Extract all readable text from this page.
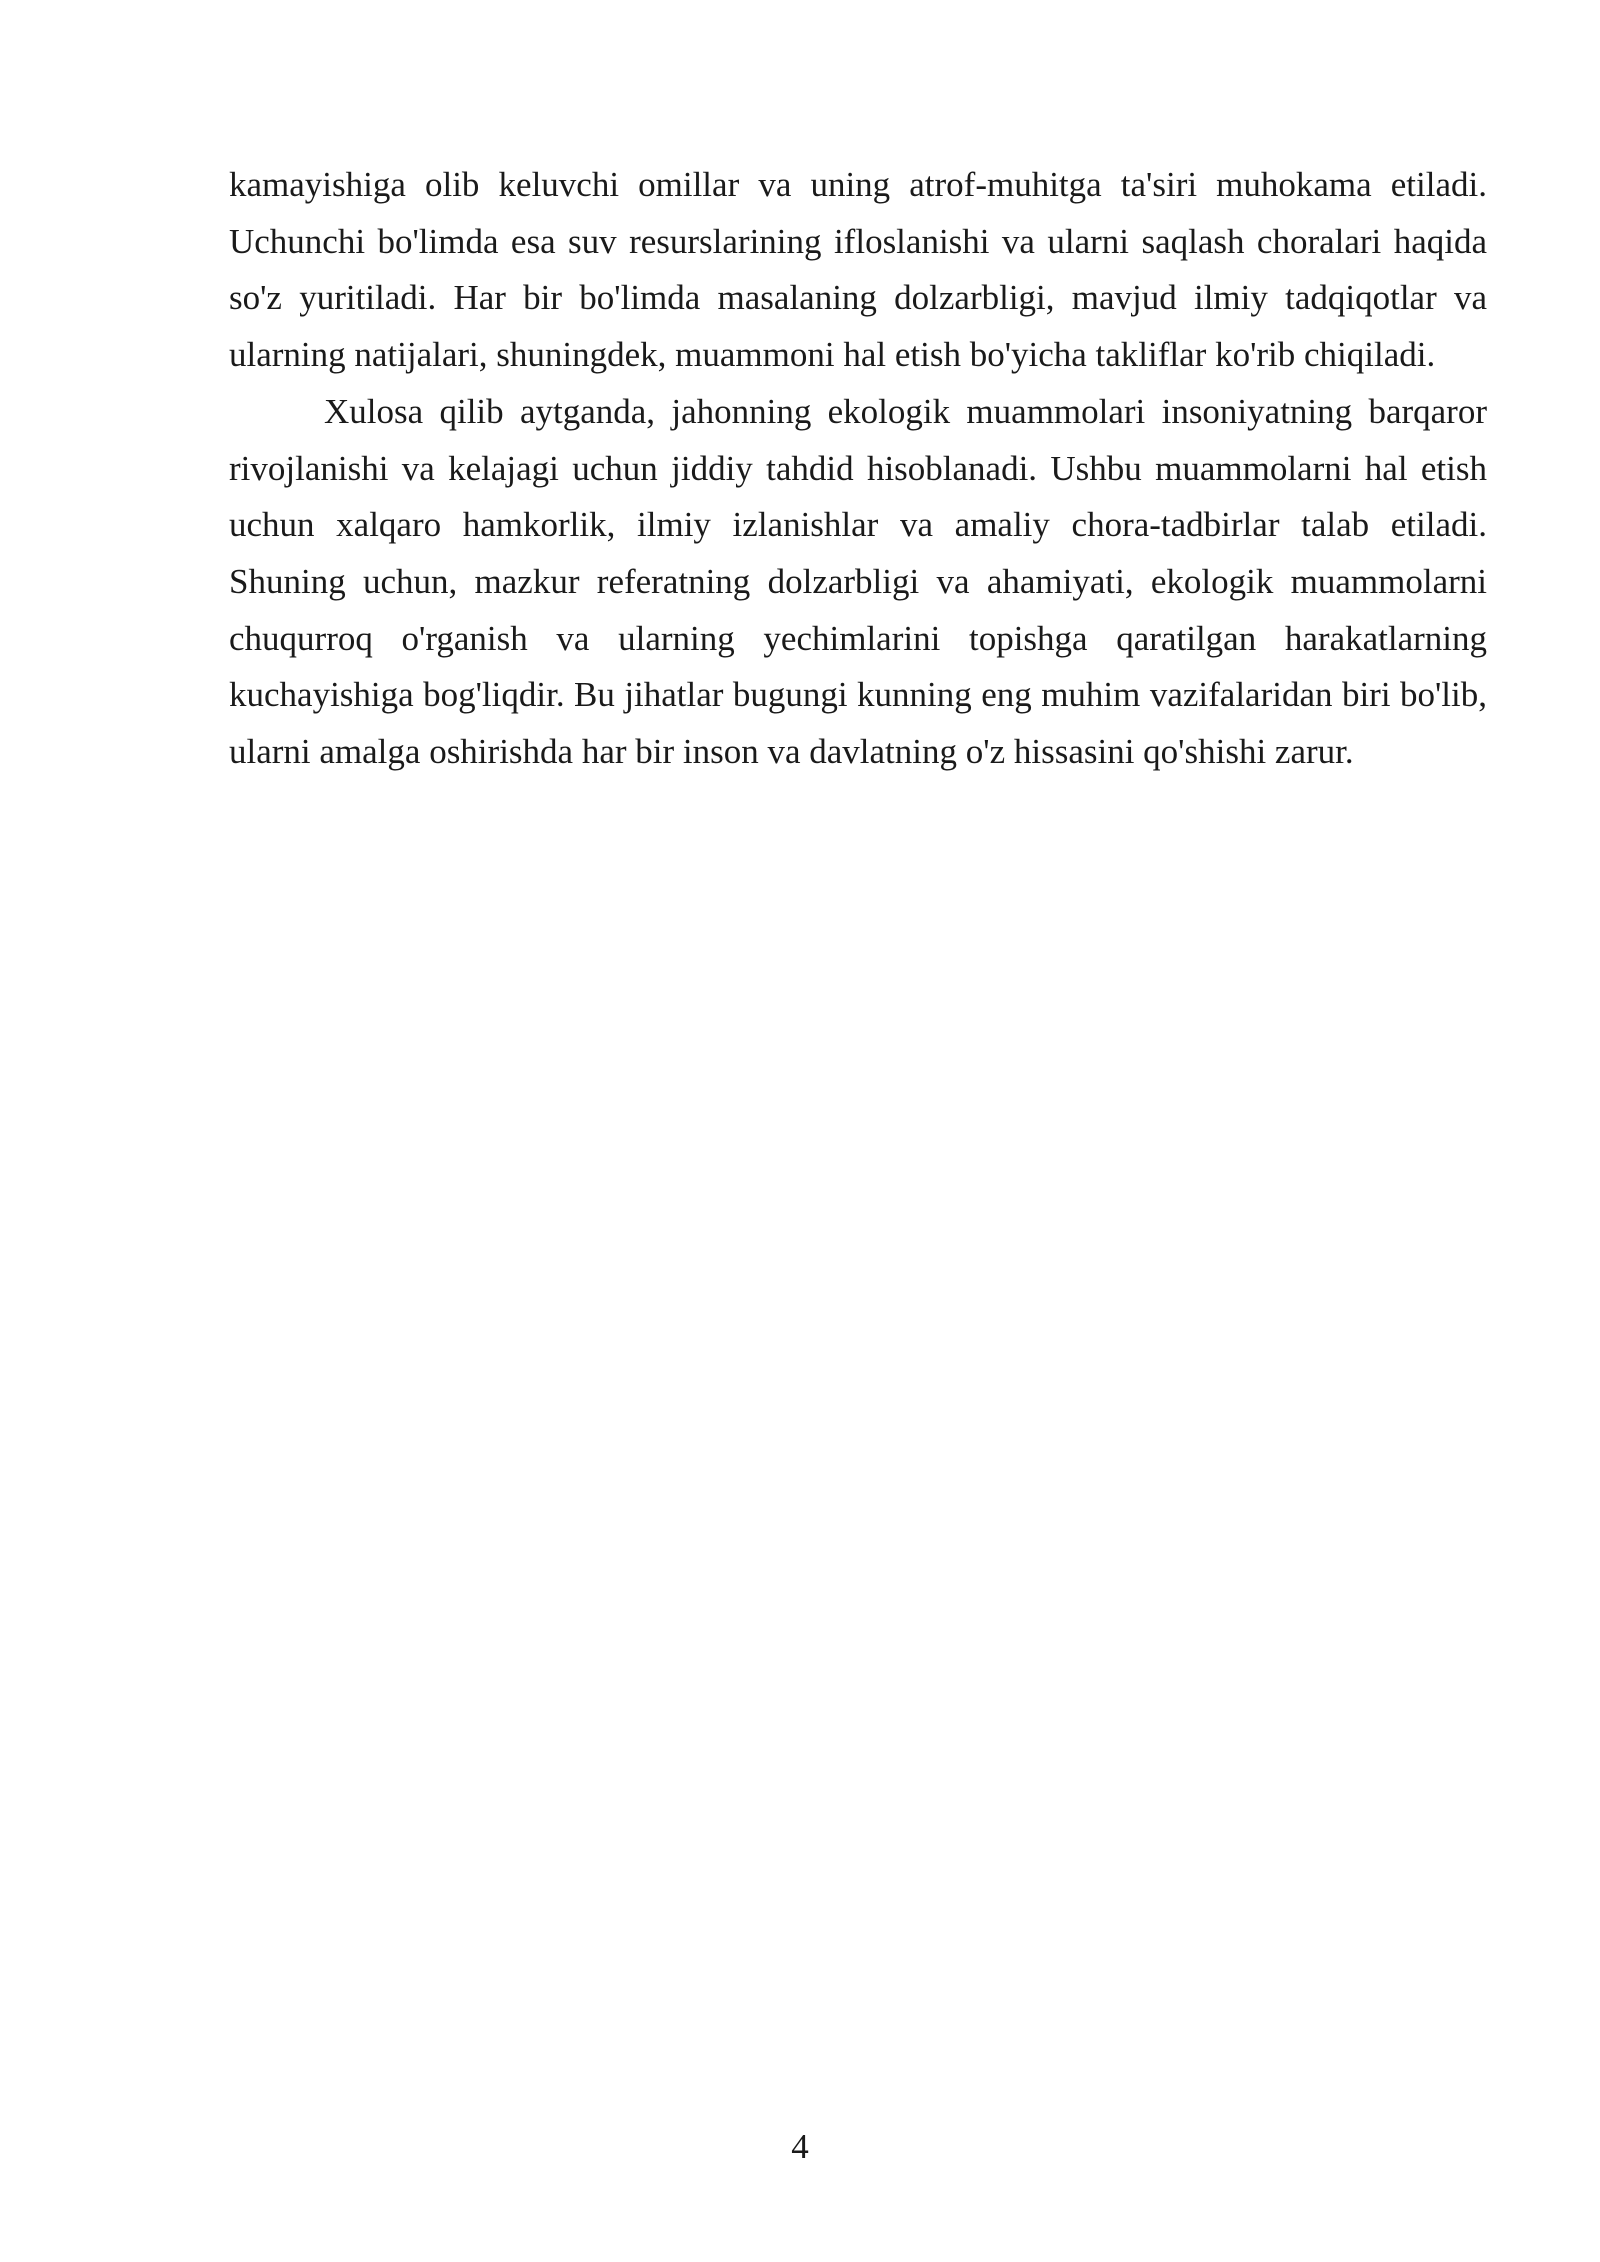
kamayishiga olib keluvchi omillar va uning atrof-muhitga ta'siri muhokama etiladi. Uchunchi bo'limda esa suv resurslarining ifloslanishi va ularni saqlash choralari haqida so'z yuritiladi. Har bir bo'limda masalaning dolzarbligi, mavjud ilmiy tadqiqotlar va ularning natijalari, shuningdek, muammoni hal etish bo'yicha takliflar ko'rib chiqiladi.

Xulosa qilib aytganda, jahonning ekologik muammolari insoniyatning barqaror rivojlanishi va kelajagi uchun jiddiy tahdid hisoblanadi. Ushbu muammolarni hal etish uchun xalqaro hamkorlik, ilmiy izlanishlar va amaliy chora-tadbirlar talab etiladi. Shuning uchun, mazkur referatning dolzarbligi va ahamiyati, ekologik muammolarni chuqurroq o'rganish va ularning yechimlarini topishga qaratilgan harakatlarning kuchayishiga bog'liqdir. Bu jihatlar bugungi kunning eng muhim vazifalaridan biri bo'lib, ularni amalga oshirishda har bir inson va davlatning o'z hissasini qo'shishi zarur.

4
